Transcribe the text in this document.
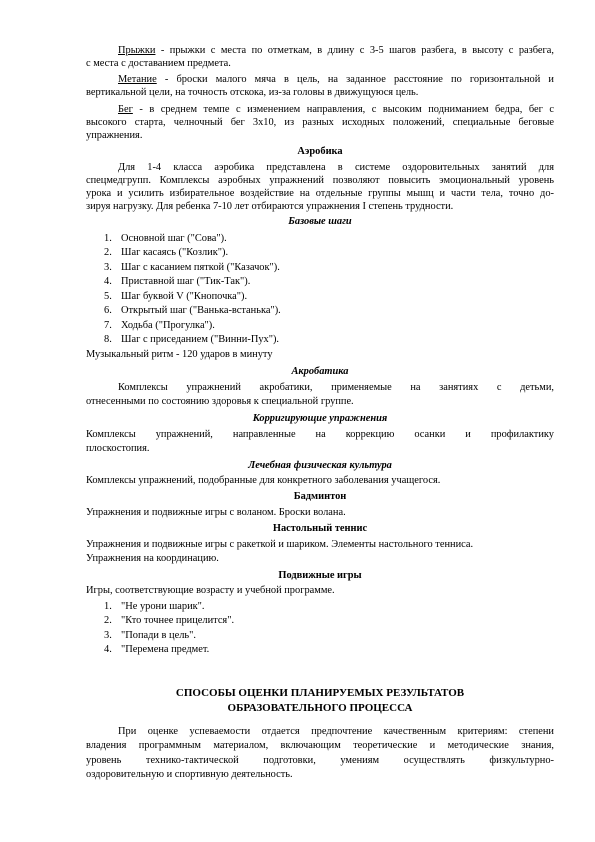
Прыжки - прыжки с места по отметкам, в длину с 3-5 шагов разбега, в высоту с разбега,
с места с доставанием предмета.
Метание - броски малого мяча в цель, на заданное расстояние по горизонтальной и
вертикальной цели, на точность отскока, из-за головы в движущуюся цель.
Бег - в среднем темпе с изменением направления, с высоким подниманием бедра, бег с
высокого старта, челночный бег 3х10, из разных исходных положений, специальные беговые
упражнения.
Аэробика
Для 1-4 класса аэробика представлена в системе оздоровительных занятий для
спецмедгрупп. Комплексы аэробных упражнений позволяют повысить эмоциональный уровень
урока и усилить избирательное воздействие на отдельные группы мышц и части тела, точно до-
зируя нагрузку. Для ребенка 7-10 лет отбираются упражнения I степень трудности.
Базовые шаги
1. Основной шаг ("Сова").
2. Шаг касаясь ("Козлик").
3. Шаг с касанием пяткой ("Казачок").
4. Приставной шаг ("Тик-Так").
5. Шаг буквой V ("Кнопочка").
6. Открытый шаг ("Ванька-встанька").
7. Ходьба ("Прогулка").
8. Шаг с приседанием ("Винни-Пух").
Музыкальный ритм - 120 ударов в минуту
Акробатика
Комплексы упражнений акробатики, применяемые на занятиях с детьми,
отнесенными по состоянию здоровья к специальной группе.
Корригирующие упражнения
Комплексы упражнений, направленные на коррекцию осанки и профилактику
плоскостопия.
Лечебная физическая культура
Комплексы упражнений, подобранные для конкретного заболевания учащегося.
Бадминтон
Упражнения и подвижные игры с воланом. Броски волана.
Настольный теннис
Упражнения и подвижные игры с ракеткой и шариком. Элементы настольного тенниса.
Упражнения на координацию.
Подвижные игры
Игры, соответствующие возрасту и учебной программе.
1. "Не урони шарик".
2. "Кто точнее прицелится".
3. "Попади в цель".
4. "Перемена предмет.
СПОСОБЫ ОЦЕНКИ ПЛАНИРУЕМЫХ РЕЗУЛЬТАТОВ
ОБРАЗОВАТЕЛЬНОГО ПРОЦЕССА
При оценке успеваемости отдается предпочтение качественным критериям: степени
владения программным материалом, включающим теоретические и методические знания,
уровень технико-тактической подготовки, умениям осуществлять физкультурно-
оздоровительную и спортивную деятельность.
